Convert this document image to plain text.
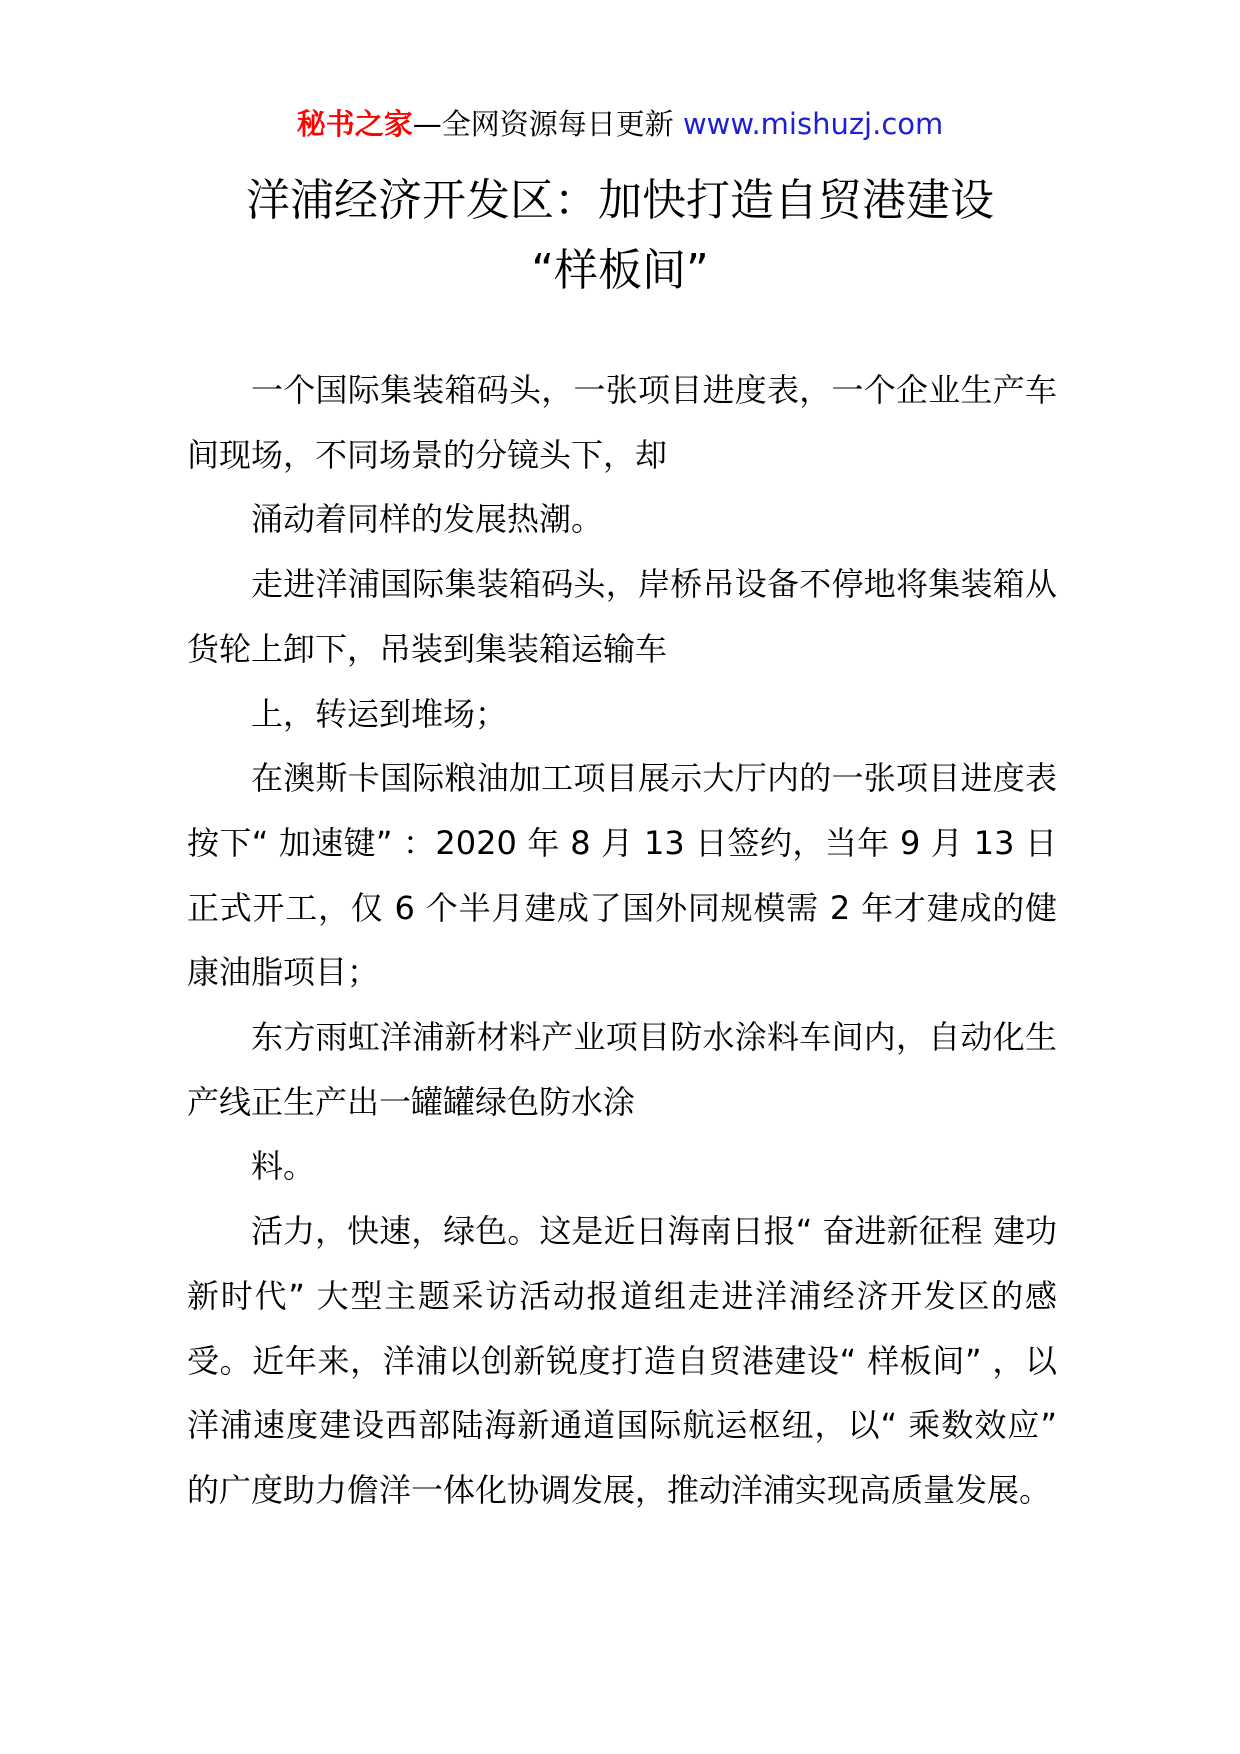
秘书之家—全网资源每日更新 www.mishuzj.com
洋浦经济开发区：加快打造自贸港建设
“样板间”

一个国际集装箱码头，一张项目进度表，一个企业生产车间现场，不同场景的分镜头下，却

涌动着同样的发展热潮。

走进洋浦国际集装箱码头，岸桥吊设备不停地将集装箱从货轮上卸下，吊装到集装箱运输车

上，转运到堆场；

在澳斯卡国际粮油加工项目展示大厅内的一张项目进度表按下“ 加速键” ：2020 年 8 月 13 日签约，当年 9 月 13 日正式开工，仅 6 个半月建成了国外同规模需 2 年才建成的健康油脂项目；

东方雨虹洋浦新材料产业项目防水涂料车间内，自动化生产线正生产出一罐罐绿色防水涂

料。

活力，快速，绿色。这是近日海南日报“ 奋进新征程 建功新时代” 大型主题采访活动报道组走进洋浦经济开发区的感受。近年来，洋浦以创新锐度打造自贸港建设“ 样板间” ，以洋浦速度建设西部陆海新通道国际航运枢纽，以“ 乘数效应” 的广度助力儋洋一体化协调发展，推动洋浦实现高质量发展。
